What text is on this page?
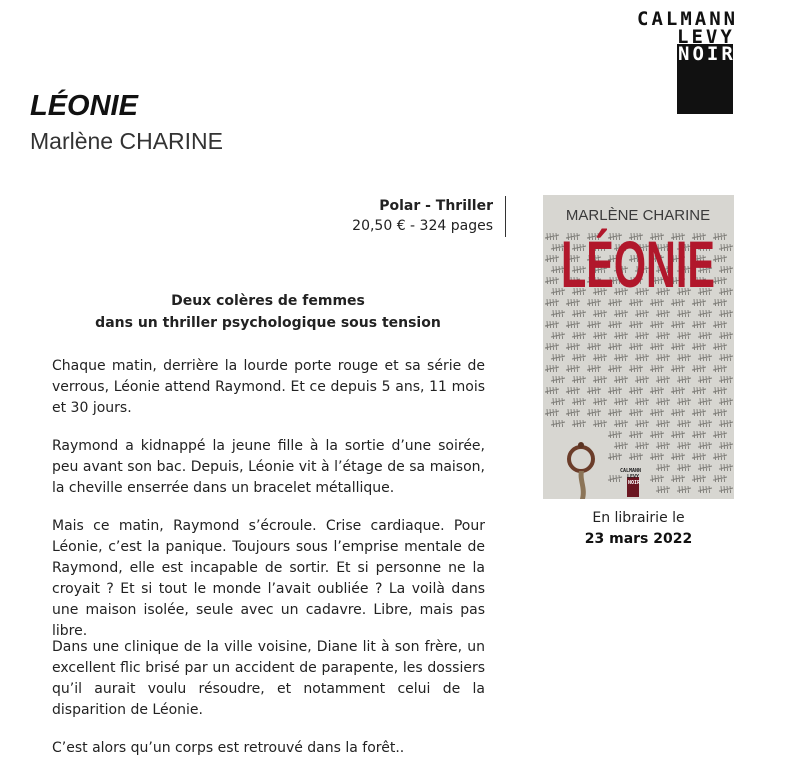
CALMANN
LEVY
NOIR
LÉONIE
Marlène CHARINE
Polar - Thriller
20,50 € - 324 pages
Deux colères de femmes
dans un thriller psychologique sous tension

Chaque matin, derrière la lourde porte rouge et sa série de verrous, Léonie attend Raymond. Et ce depuis 5 ans, 11 mois et 30 jours.

Raymond a kidnappé la jeune fille à la sortie d’une soirée, peu avant son bac. Depuis, Léonie vit à l’étage de sa maison, la cheville enserrée dans un bracelet métallique.

Mais ce matin, Raymond s’écroule. Crise cardiaque. Pour Léonie, c’est la panique. Toujours sous l’emprise mentale de Raymond, elle est incapable de sortir. Et si personne ne la croyait ? Et si tout le monde l’avait oubliée ? La voilà dans une maison isolée, seule avec un cadavre. Libre, mais pas libre.

Dans une clinique de la ville voisine, Diane lit à son frère, un excellent flic brisé par un accident de parapente, les dossiers qu’il aurait voulu résoudre, et notamment celui de la disparition de Léonie.

C’est alors qu’un corps est retrouvé dans la forêt..

MARLÈNE CHARINE
LÉONIE
CALMANN
LEVY
NOIR
En librairie le
23 mars 2022
